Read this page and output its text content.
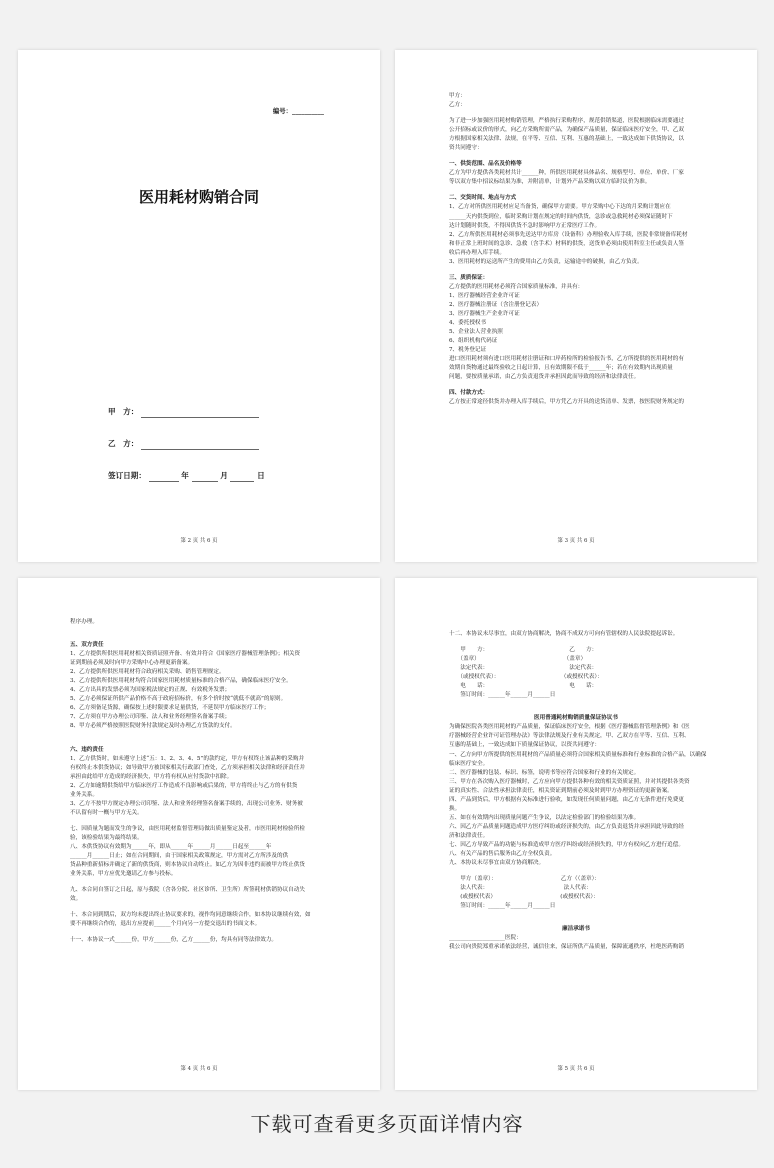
编号：__________
医用耗材购销合同
甲　方：
乙　方：
签订日期：	年	月	日
第 2 页 共 6 页
甲方：
乙方：
为了进一步加强医用耗材购销管理，严格执行采购程序，规范供销渠道，医院根据临床需要通过
公开招标或议价的形式，向乙方采购所需产品，为确保产品质量，保证临床医疗安全，甲、乙双
方根据国家相关法律、法规，在平等、互信、互利、互惠的基础上，一致达成如下供货协议，以
资共同遵守：
一、供货范围、品名及价格等
乙方为甲方提供各类耗材共计______种，所供医用耗材具体品名、规格型号、单位、单价、厂家
等以双方集中招议标结果为准，并附清单，计划外产品采购以双方临时议价为准。
二、交货时间、地点与方式
1、乙方对所供医用耗材应足当备货，确保甲方需要。甲方采购中心下达的月采购计划应在
______天内供货到位，临时采购计划在规定的时间内供货，急诊或急救耗材必须保证随时下
达计划随时供货，不得因供货不急时影响甲方正常医疗工作。
2、乙方所供医用耗材必须事先送达甲方库房（设备科）办理验收入库手续，医院非常规备库耗材
和非正常上班时间的急诊、急救（含手术）材料的供货，送货单必须由使用科室主任或负责人签
收后再办理入库手续。
3、医用耗材的运送所产生的费用由乙方负责，运输途中的破损，由乙方负责。
三、质质保证：
乙方提供的医用耗材必须符合国家质量标准，并具有：
1、医疗器械经营企业许可证
2、医疗器械注册证（含注册登记表）
3、医疗器械生产企业许可证
4、委托授权书
5、企业法人营业执照
6、组织机构代码证
7、税务登记证
进口医用耗材须有进口医用耗材注册证和口岸药检所的检验报告书，乙方所提供的医用耗材的有
效期自货物通过最终验收之日起计算，且有效期限不低于______年；若在有效期内出现质量
问题，要按质量承诺，由乙方负责退货并承担因此而导致的经济和法律责任。
四、付款方式：
乙方按正常途径供货并办理入库手续后，甲方凭乙方开具的送货清单、发票，按医院财务规定的
第 3 页 共 6 页
程序办理。
五、双方责任
1、乙方提供所供医用耗材相关资质证照齐备、有效并符合《国家医疗器械管理条例》；相关资
证到期前必须及时向甲方采购中心办理更新备案。
2、乙方提供所供医用耗材符合政府相关采购、销售管理规定。
3、乙方提供所供医用耗材均符合国家医用耗材质量标准的合格产品，确保临床医疗安全。
4、乙方出具的发票必须为国家税法规定的正规、有效税务发票；
5、乙方必须保证所供产品价格不高于政府招标价，有多个价时按“就低不就高”的原则。
6、乙方须备足货源，确保按上述时限要求足量供货，不延误甲方临床医疗工作；
7、乙方须在甲方办理公司印鉴、法人和业务经理签名备案手续；
8、甲方必须严格按照医院财务付款规定及时办理乙方货款的支付。
六、违约责任
1、乙方供货时，如未遵守上述“五：1、2、3、4、5”的款约定，甲方有权终止该品种的采购并
有权终止本供货协议；如导致甲方被国家相关行政部门查处，乙方须承担相关法律和经济责任并
承担由此给甲方造成的经济损失，甲方将有权从应付货款中扣除。
2、乙方如逾期供货给甲方临床医疗工作造成不良影响或后果的，甲方将终止与乙方的有供货
业务关系。
3、乙方不按甲方规定办理公司印鉴、法人和业务经理签名备案手续的，出现公司业务、财务被
不认留有时一概与甲方无关。
七、因质量为题而发生的争议，由医用耗材监督管理局做出质量鉴定及者，市医用耗材检验所检
验，该检验结果为最终结果。
八、本供货协议有效期为______年，即从______年______月______日起至______年
______月______日止；如在合同期间，由于国家相关政策规定，甲方需对乙方所涉及的供
货品种重新招标并确定了新的供货商，则本协议自动终止。如乙方为因非违约而被甲方终止供货
业务关系，甲方应优先邀请乙方参与投标。
九、本合同自签订之日起，原与我院（含各分院、社区诊所、卫生所）所签耗材供销协议自动失
效。
十、本合同到期后，双方均未提出终止协议要求的，视作均同意继续合作，如本协议继续有效，如
要不再继续合作的，退出方应提前______个月向另一方提交退出的书面文本。
十一、本协议一式______份，甲方______份，乙方______份，均具有同等法律效力。
第 4 页 共 6 页
十二、本协议未尽事宜，由双方协商解决，协商不成双方可向有管辖权的人民法院提起诉讼。
　　甲　　方：　　　　　　　　　　　　　　　乙　　方：
　　（盖章）　　　　　　　　　　　　　　　　（盖章）
　　法定代表：　　　　　　　　　　　　　　　法定代表：
　　（或授权代表）：　　　　　　　　　　　　（或授权代表）：
　　电　　话：　　　　　　　　　　　　　　　电　　话：
　　签订时间：______年______月______日
医用普通耗材购销质量保证协议书
为确保医院各类医用耗材的产品质量，保证临床医疗安全，根据《医疗器械监督管理条例》和《医
疗器械经营企业许可证管理办法》等法律法规及行业有关规定，甲、乙双方在平等、互信、互利、
互惠的基础上，一致达成如下质量保证协议，以资共同遵守：
一、乙方向甲方所提供的医用耗材的产品质量必须符合国家相关质量标准和行业标准的合格产品，以确保
临床医疗安全。
二、医疗器械的包装、标识、标签，说明书等应符合国家和行业的有关规定。
三、甲方在各次购入医疗器械时，乙方应向甲方提供各种有效的相关资质证照，并对其提供各类资
证的真实性、合法性承担法律责任，相关资证到期前必须及时到甲方办理资证的更新备案。
四、产品到货后，甲方根据有关标准进行验收，如发现任何质量问题，由乙方无条件进行免费更
换。
五、如在有效期内出现质量问题产生争议，以法定检验部门的检验结果为准。
六、因乙方产品质量问题造成甲方医疗纠纷或经济损失的，由乙方负责退货并承担因此导致的经
济和法律责任。
七、因乙方导致产品的功能与标准造成甲方医疗纠纷或经济损失的，甲方有权向乙方进行追偿。
八、有关产品的售后服务由乙方全权负责。
九、本协议未尽事宜由双方协商解决。
　　甲方（盖章）：　　　　　　　　　　　　乙方（（盖章）：
　　法人代表：　　　　　　　　　　　　　　法人代表：
　　(或授权代表）　　　　　　　　　　　　(或授权代表）：
　　签订时间：______年______月______日
廉洁承诺书
____________________医院：
我公司向贵院郑重承诺依法经营，诚信往来，保证所供产品质量，保障流通秩序，杜绝医药购销
第 5 页 共 6 页
下载可查看更多页面详情内容
